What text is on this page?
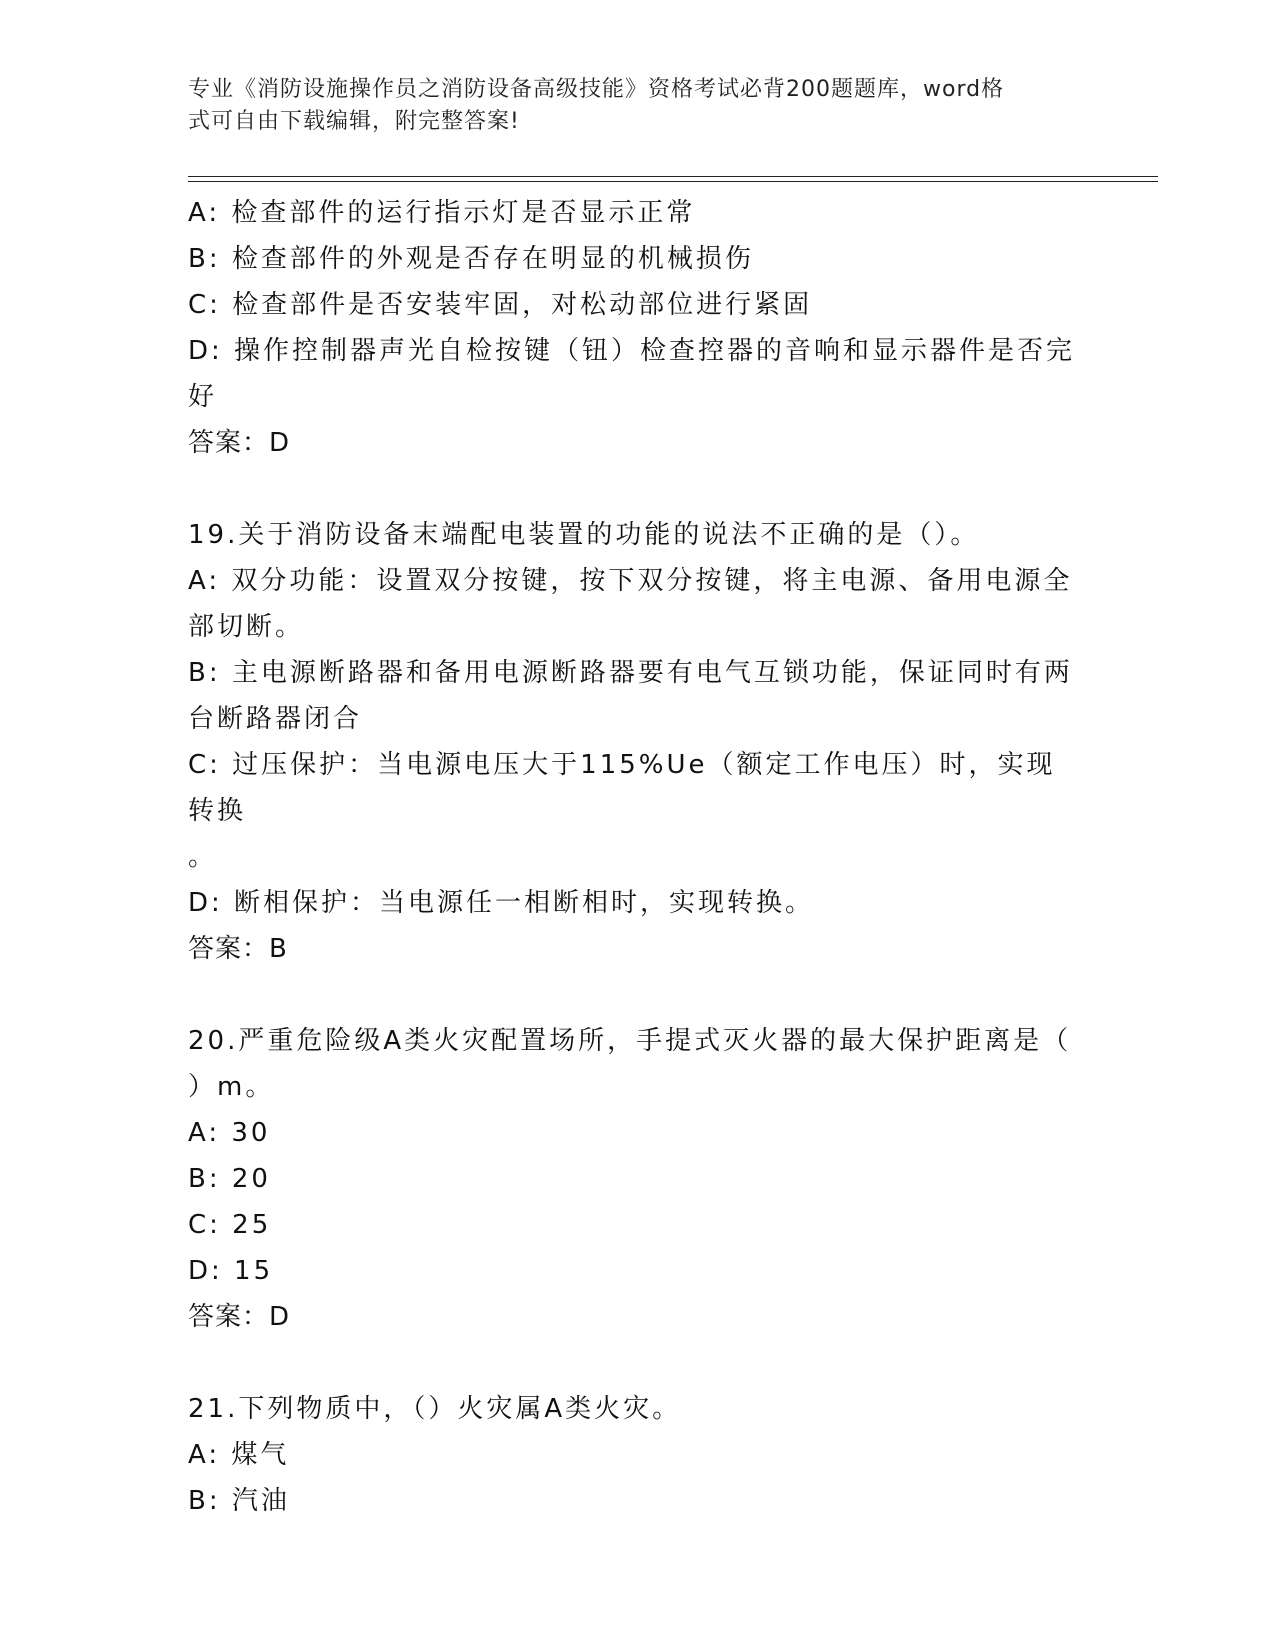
专业《消防设施操作员之消防设备高级技能》资格考试必背200题题库，word格
式可自由下载编辑，附完整答案!

A: 检查部件的运行指示灯是否显示正常

B: 检查部件的外观是否存在明显的机械损伤

C: 检查部件是否安装牢固，对松动部位进行紧固

D: 操作控制器声光自检按键（钮）检查控器的音响和显示器件是否完

好

答案：D

19.关于消防设备末端配电装置的功能的说法不正确的是（）。

A: 双分功能：设置双分按键，按下双分按键，将主电源、备用电源全

部切断。

B: 主电源断路器和备用电源断路器要有电气互锁功能，保证同时有两

台断路器闭合

C: 过压保护：当电源电压大于115%Ue（额定工作电压）时，实现转换

。

D: 断相保护：当电源任一相断相时，实现转换。

答案：B

20.严重危险级A类火灾配置场所，手提式灭火器的最大保护距离是（

）m。

A: 30

B: 20

C: 25

D: 15

答案：D

21.下列物质中，（）火灾属A类火灾。

A: 煤气

B: 汽油
